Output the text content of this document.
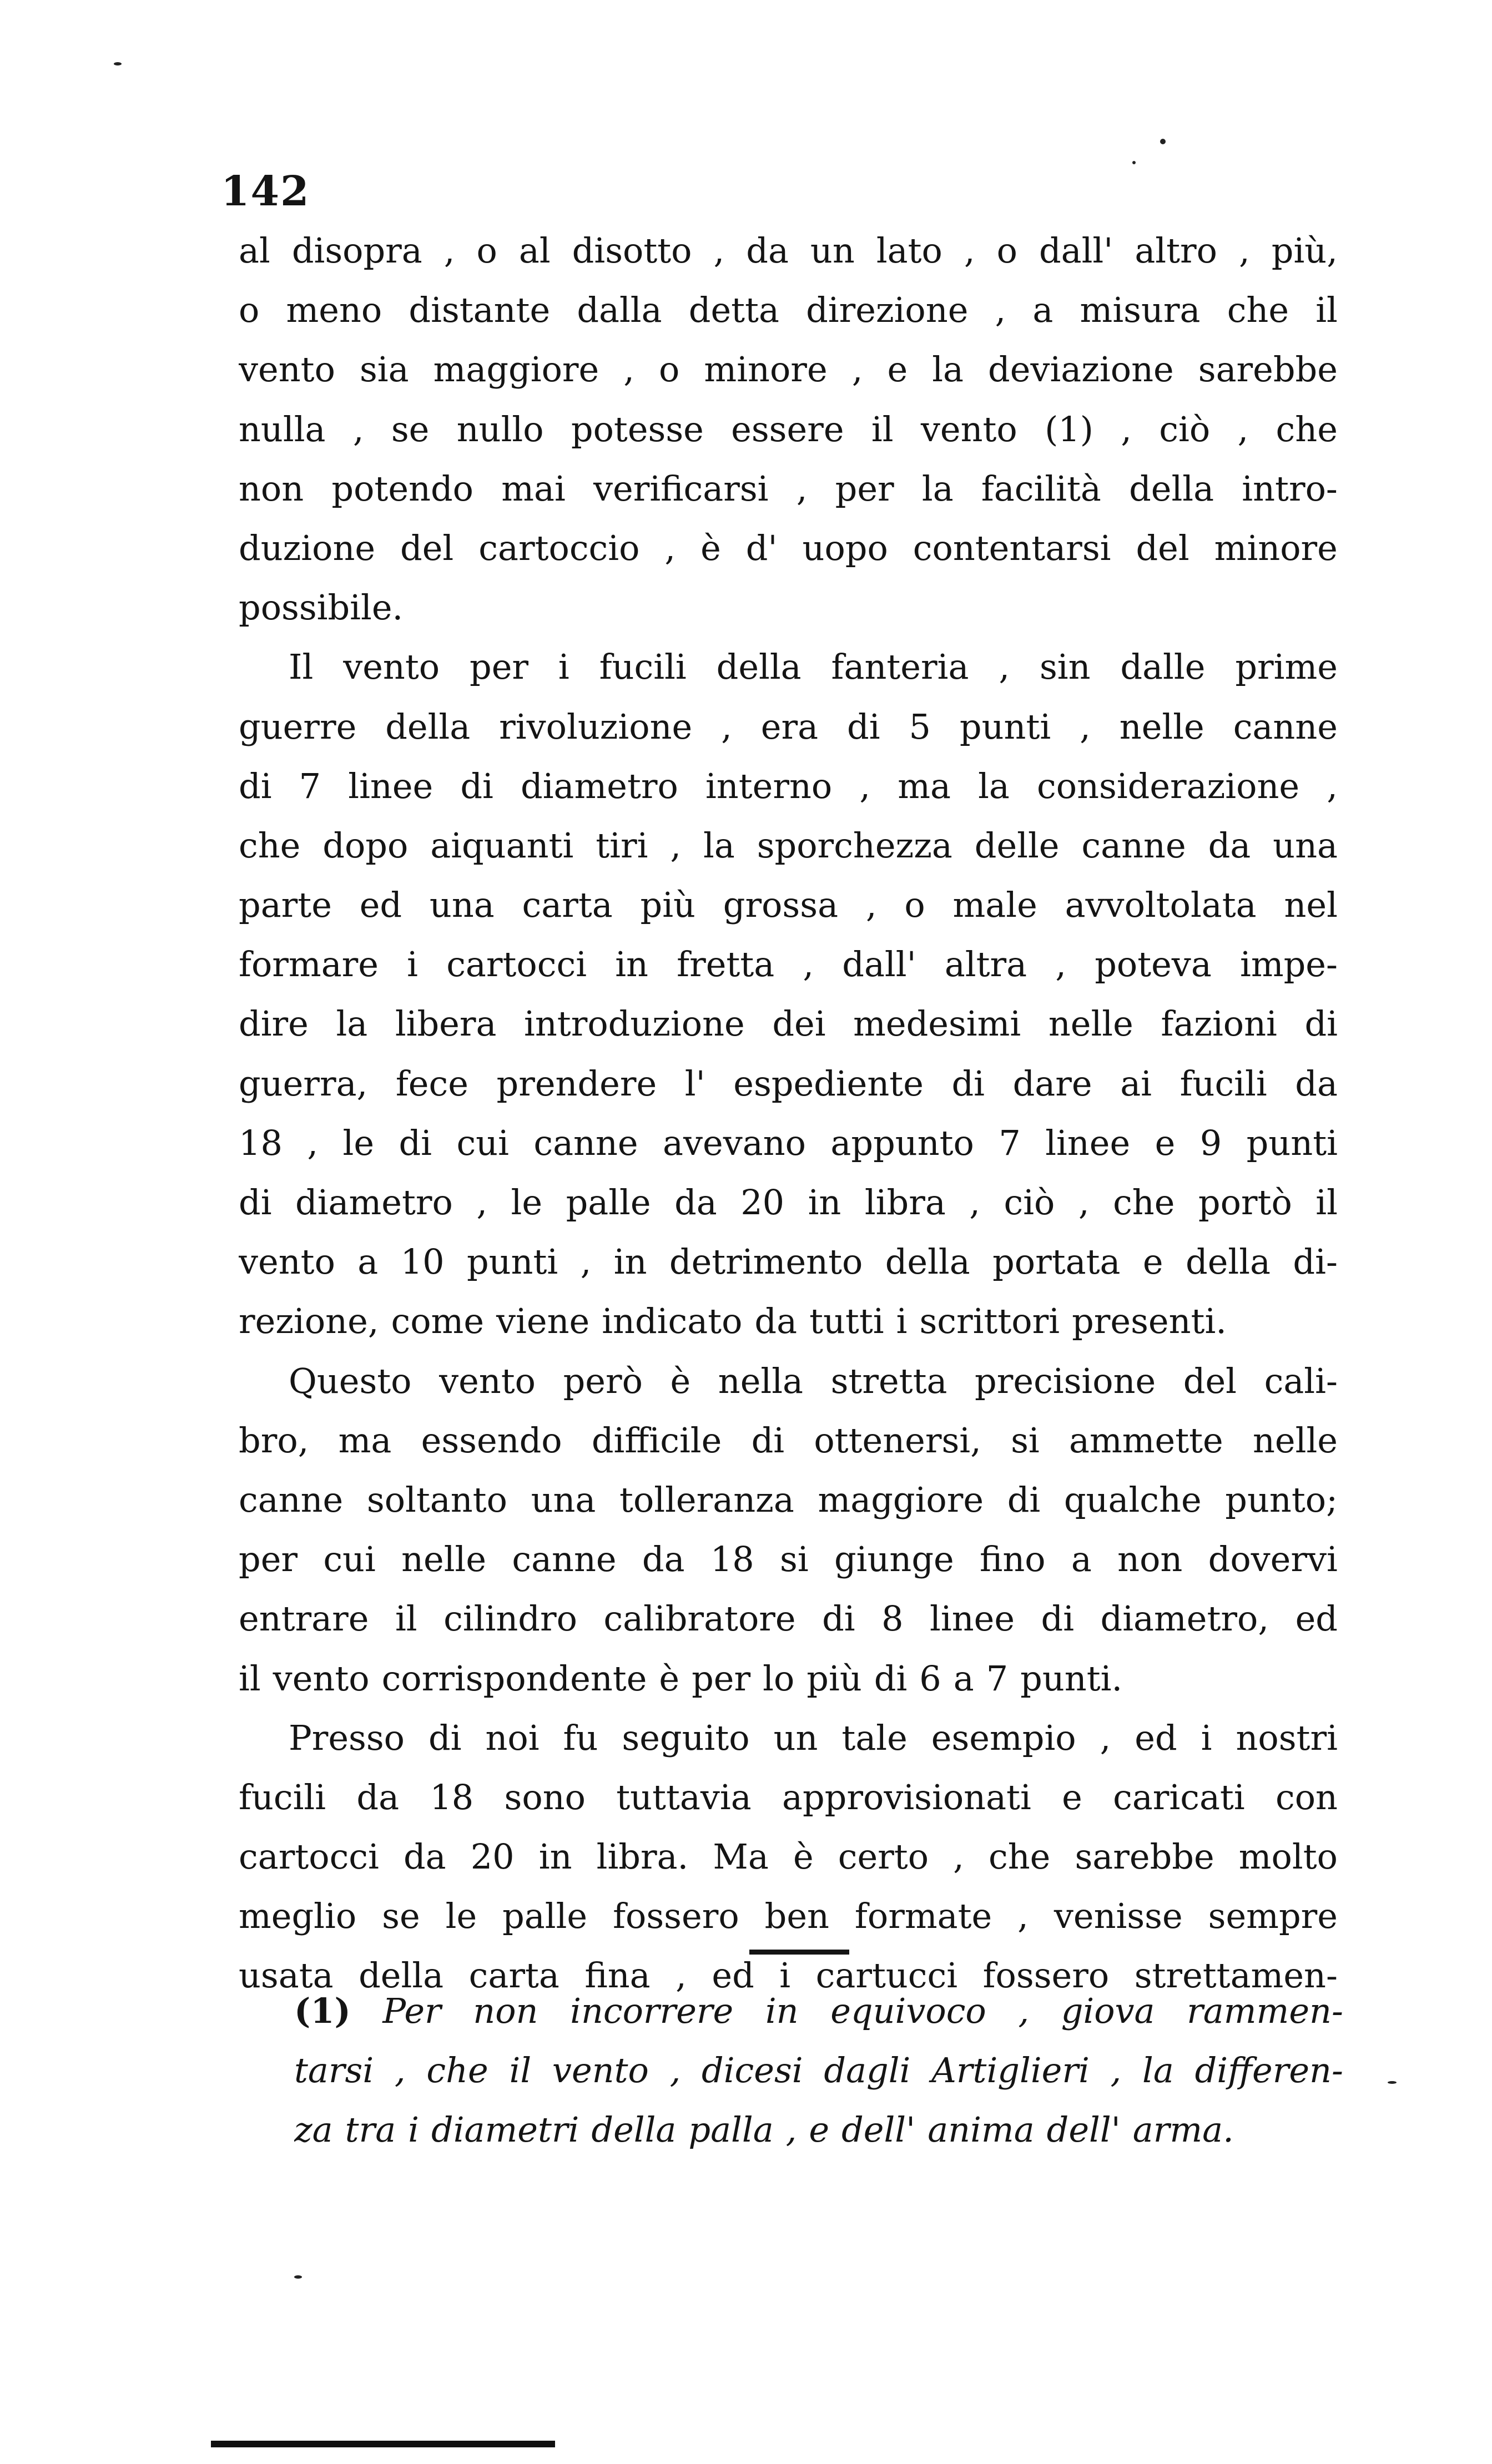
142
al disopra , o al disotto , da un lato , o dall' altro , più,
o meno distante dalla detta direzione , a misura che il
vento sia maggiore , o minore , e la deviazione sarebbe
nulla , se nullo potesse essere il vento (1) , ciò , che
non potendo mai verificarsi , per la facilità della intro-
duzione del cartoccio , è d' uopo contentarsi del minore
possibile.
Il vento per i fucili della fanteria , sin dalle prime
guerre della rivoluzione , era di 5 punti , nelle canne
di 7 linee di diametro interno , ma la considerazione ,
che dopo aiquanti tiri , la sporchezza delle canne da una
parte ed una carta più grossa , o male avvoltolata nel
formare i cartocci in fretta , dall' altra , poteva impe-
dire la libera introduzione dei medesimi nelle fazioni di
guerra, fece prendere l' espediente di dare ai fucili da
18 , le di cui canne avevano appunto 7 linee e 9 punti
di diametro , le palle da 20 in libra , ciò , che portò il
vento a 10 punti , in detrimento della portata e della di-
rezione, come viene indicato da tutti i scrittori presenti.
Questo vento però è nella stretta precisione del cali-
bro, ma essendo difficile di ottenersi, si ammette nelle
canne soltanto una tolleranza maggiore di qualche punto;
per cui nelle canne da 18 si giunge fino a non dovervi
entrare il cilindro calibratore di 8 linee di diametro, ed
il vento corrispondente è per lo più di 6 a 7 punti.
Presso di noi fu seguito un tale esempio , ed i nostri
fucili da 18 sono tuttavia approvisionati e caricati con
cartocci da 20 in libra. Ma è certo , che sarebbe molto
meglio se le palle fossero ben formate , venisse sempre
usata della carta fina , ed i cartucci fossero strettamen-
(1) Per non incorrere in equivoco , giova rammen-
tarsi , che il vento , dicesi dagli Artiglieri , la differen-
za tra i diametri della palla , e dell' anima dell' arma.
